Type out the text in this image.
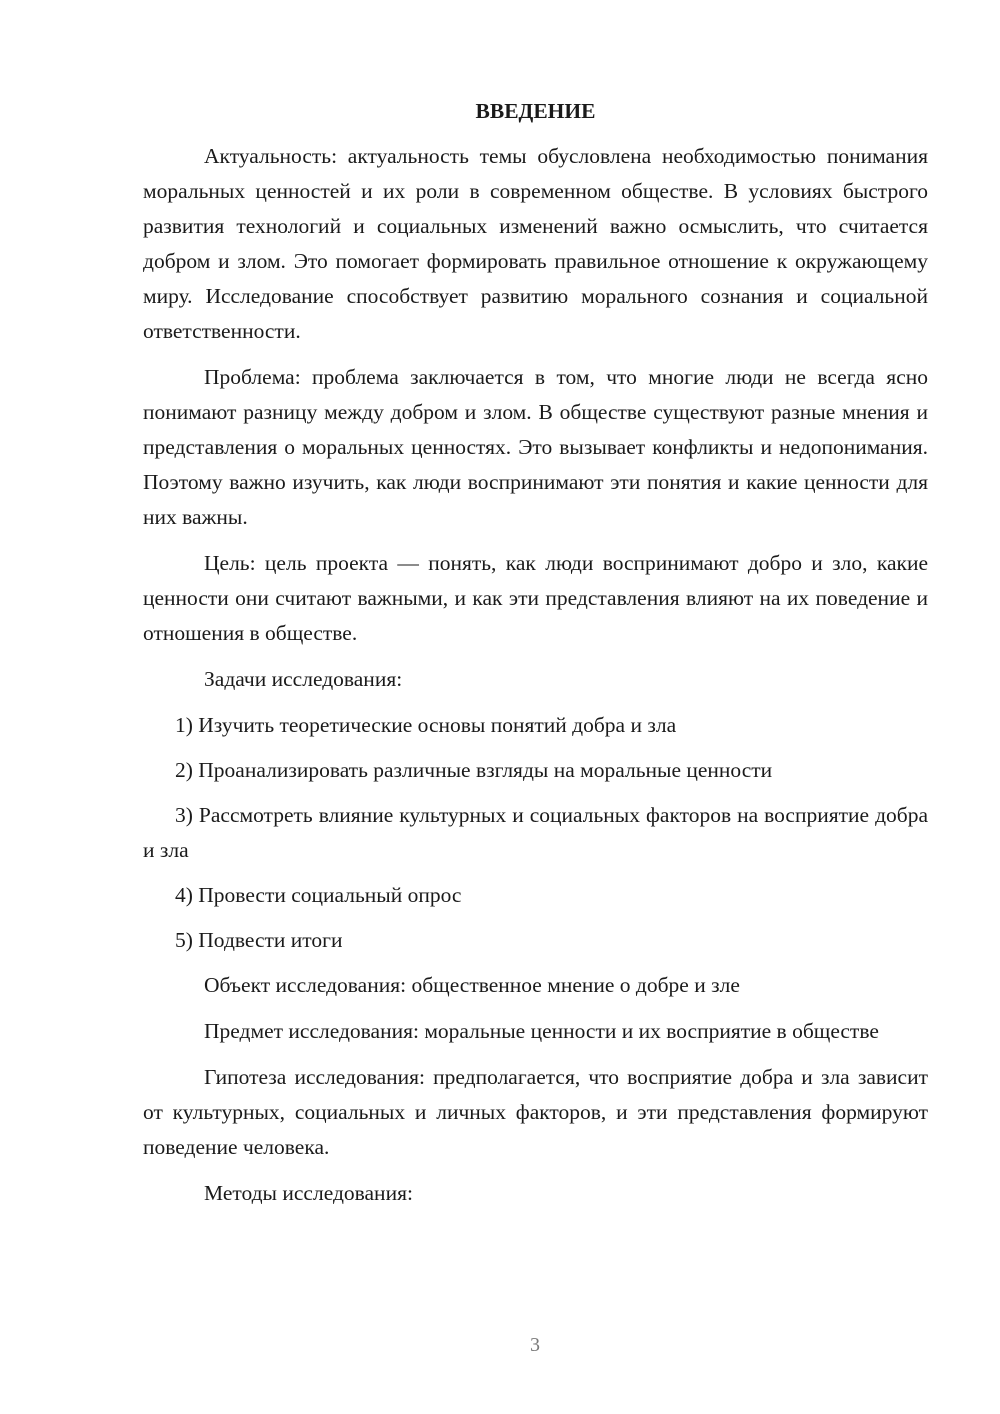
ВВЕДЕНИЕ

Актуальность: актуальность темы обусловлена необходимостью понимания моральных ценностей и их роли в современном обществе. В условиях быстрого развития технологий и социальных изменений важно осмыслить, что считается добром и злом. Это помогает формировать правильное отношение к окружающему миру. Исследование способствует развитию морального сознания и социальной ответственности.

Проблема: проблема заключается в том, что многие люди не всегда ясно понимают разницу между добром и злом. В обществе существуют разные мнения и представления о моральных ценностях. Это вызывает конфликты и недопонимания. Поэтому важно изучить, как люди воспринимают эти понятия и какие ценности для них важны.

Цель: цель проекта — понять, как люди воспринимают добро и зло, какие ценности они считают важными, и как эти представления влияют на их поведение и отношения в обществе.

Задачи исследования:

1) Изучить теоретические основы понятий добра и зла

2) Проанализировать различные взгляды на моральные ценности

3) Рассмотреть влияние культурных и социальных факторов на восприятие добра и зла

4) Провести социальный опрос

5) Подвести итоги

Объект исследования: общественное мнение о добре и зле

Предмет исследования: моральные ценности и их восприятие в обществе

Гипотеза исследования: предполагается, что восприятие добра и зла зависит от культурных, социальных и личных факторов, и эти представления формируют поведение человека.

Методы исследования:

3
